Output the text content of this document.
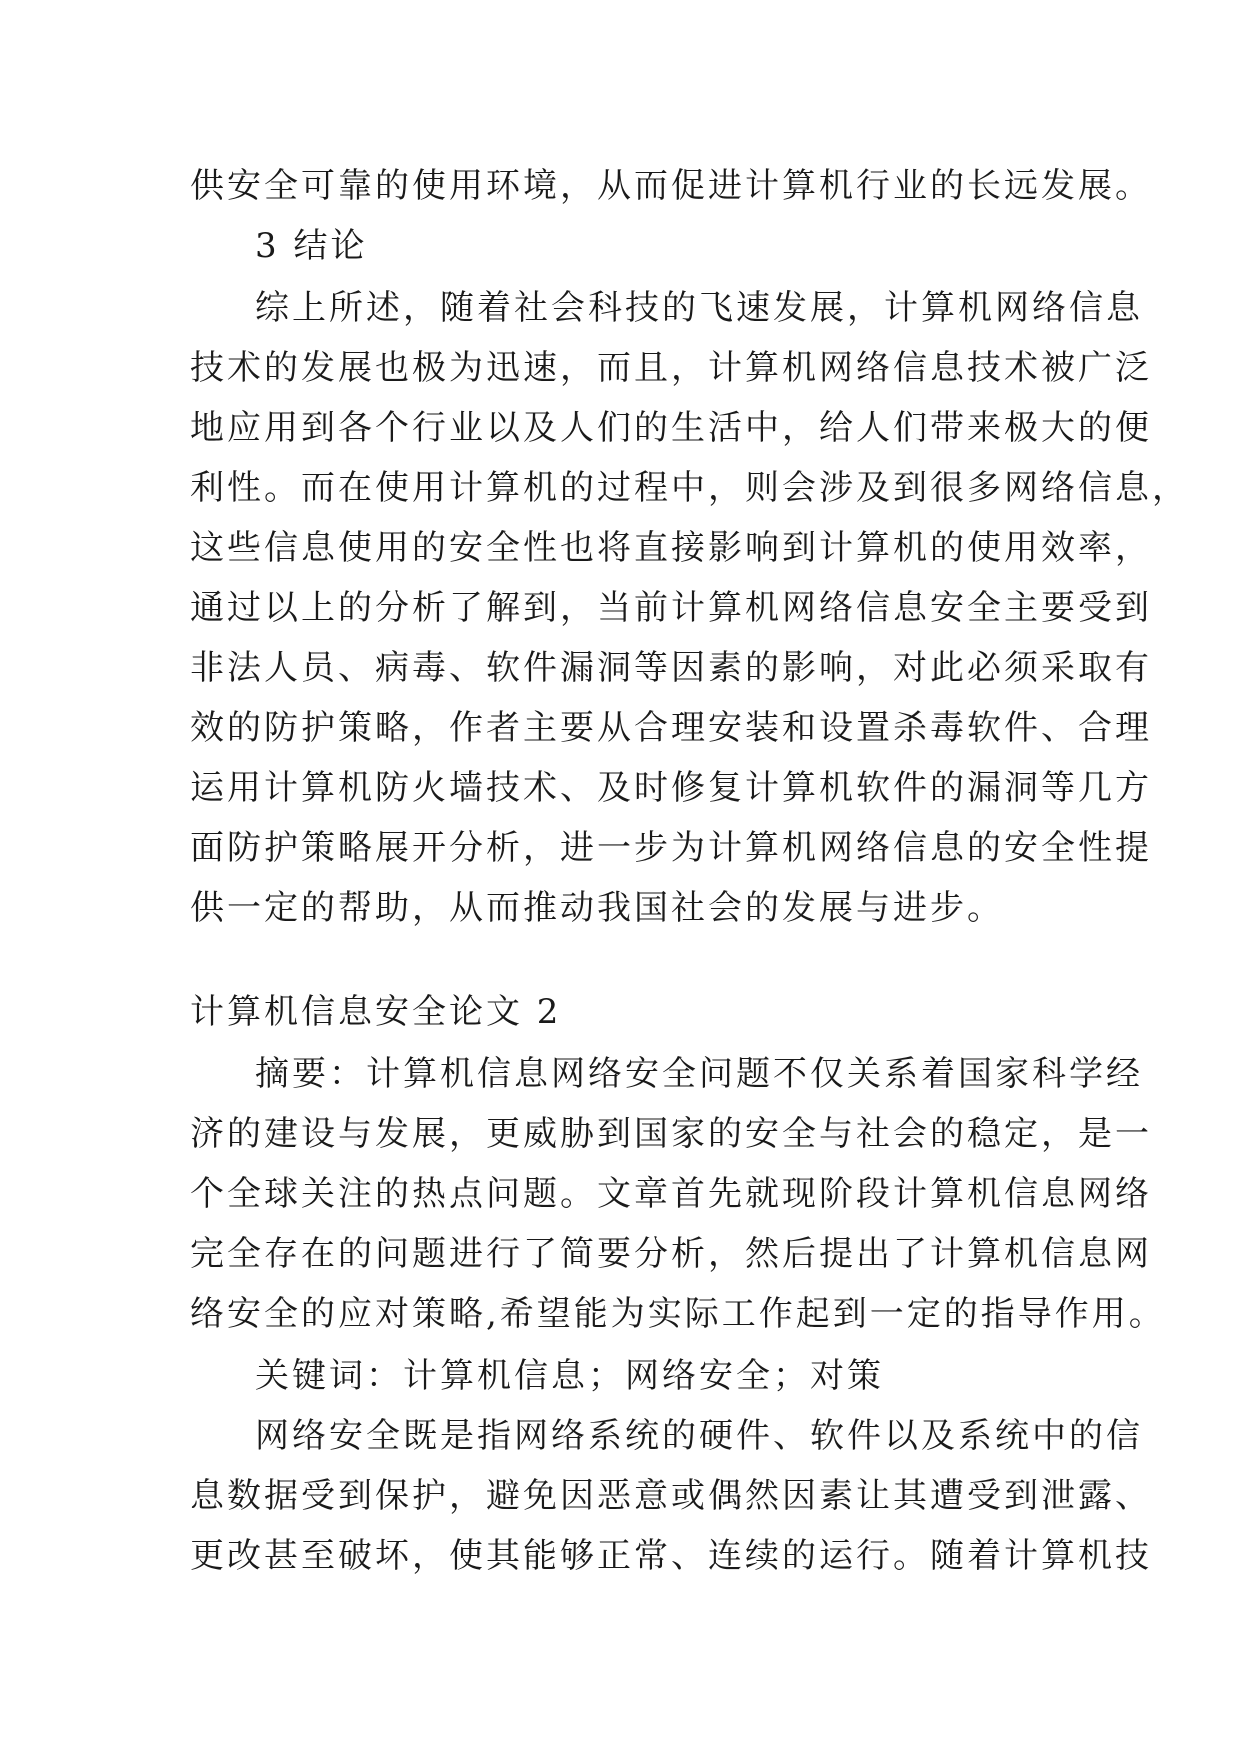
供安全可靠的使用环境，从而促进计算机行业的长远发展。
3 结论
综上所述，随着社会科技的飞速发展，计算机网络信息
技术的发展也极为迅速，而且，计算机网络信息技术被广泛
地应用到各个行业以及人们的生活中，给人们带来极大的便
利性。而在使用计算机的过程中，则会涉及到很多网络信息，
这些信息使用的安全性也将直接影响到计算机的使用效率，
通过以上的分析了解到，当前计算机网络信息安全主要受到
非法人员、病毒、软件漏洞等因素的影响，对此必须采取有
效的防护策略，作者主要从合理安装和设置杀毒软件、合理
运用计算机防火墙技术、及时修复计算机软件的漏洞等几方
面防护策略展开分析，进一步为计算机网络信息的安全性提
供一定的帮助，从而推动我国社会的发展与进步。
计算机信息安全论文 2
摘要：计算机信息网络安全问题不仅关系着国家科学经
济的建设与发展，更威胁到国家的安全与社会的稳定，是一
个全球关注的热点问题。文章首先就现阶段计算机信息网络
完全存在的问题进行了简要分析，然后提出了计算机信息网
络安全的应对策略,希望能为实际工作起到一定的指导作用。
关键词：计算机信息；网络安全；对策
网络安全既是指网络系统的硬件、软件以及系统中的信
息数据受到保护，避免因恶意或偶然因素让其遭受到泄露、
更改甚至破坏，使其能够正常、连续的运行。随着计算机技
